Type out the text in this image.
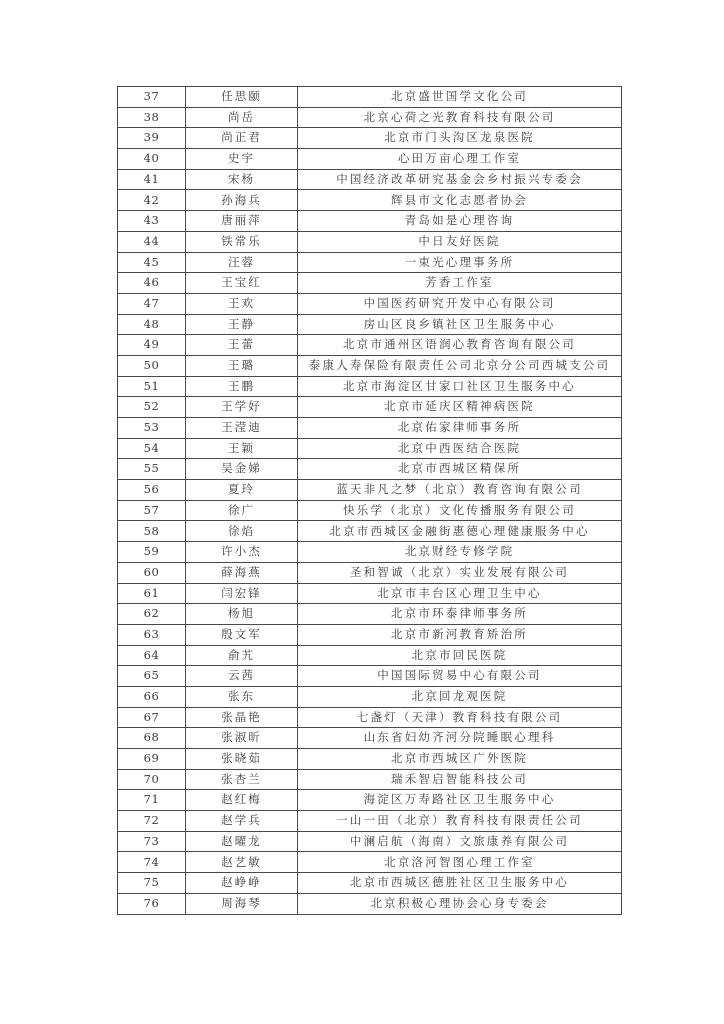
37	任思颐	北京盛世国学文化公司
38	尚岳	北京心荷之光教育科技有限公司
39	尚正君	北京市门头沟区龙泉医院
40	史宇	心田万亩心理工作室
41	宋杨	中国经济改革研究基金会乡村振兴专委会
42	孙海兵	辉县市文化志愿者协会
43	唐丽萍	青岛如是心理咨询
44	铁常乐	中日友好医院
45	汪蓉	一束光心理事务所
46	王宝红	芳香工作室
47	王欢	中国医药研究开发中心有限公司
48	王静	房山区良乡镇社区卫生服务中心
49	王蕾	北京市通州区语润心教育咨询有限公司
50	王璐	泰康人寿保险有限责任公司北京分公司西城支公司
51	王鹏	北京市海淀区甘家口社区卫生服务中心
52	王学好	北京市延庆区精神病医院
53	王滢迪	北京佑家律师事务所
54	王颖	北京中西医结合医院
55	吴金娣	北京市西城区精保所
56	夏玲	蓝天非凡之梦（北京）教育咨询有限公司
57	徐广	快乐学（北京）文化传播服务有限公司
58	徐焰	北京市西城区金融街惠德心理健康服务中心
59	许小杰	北京财经专修学院
60	薛海燕	圣和智诚（北京）实业发展有限公司
61	闫宏锋	北京市丰台区心理卫生中心
62	杨旭	北京市环泰律师事务所
63	殷文军	北京市新河教育矫治所
64	俞艽	北京市回民医院
65	云茜	中国国际贸易中心有限公司
66	张东	北京回龙观医院
67	张晶艳	七盏灯（天津）教育科技有限公司
68	张淑昕	山东省妇幼齐河分院睡眠心理科
69	张晓茹	北京市西城区广外医院
70	张杏兰	瑞禾智启智能科技公司
71	赵红梅	海淀区万寿路社区卫生服务中心
72	赵学兵	一山一田（北京）教育科技有限责任公司
73	赵曜龙	中澜启航（海南）文旅康养有限公司
74	赵艺敏	北京洛河智图心理工作室
75	赵峥峥	北京市西城区德胜社区卫生服务中心
76	周海琴	北京积极心理协会心身专委会
